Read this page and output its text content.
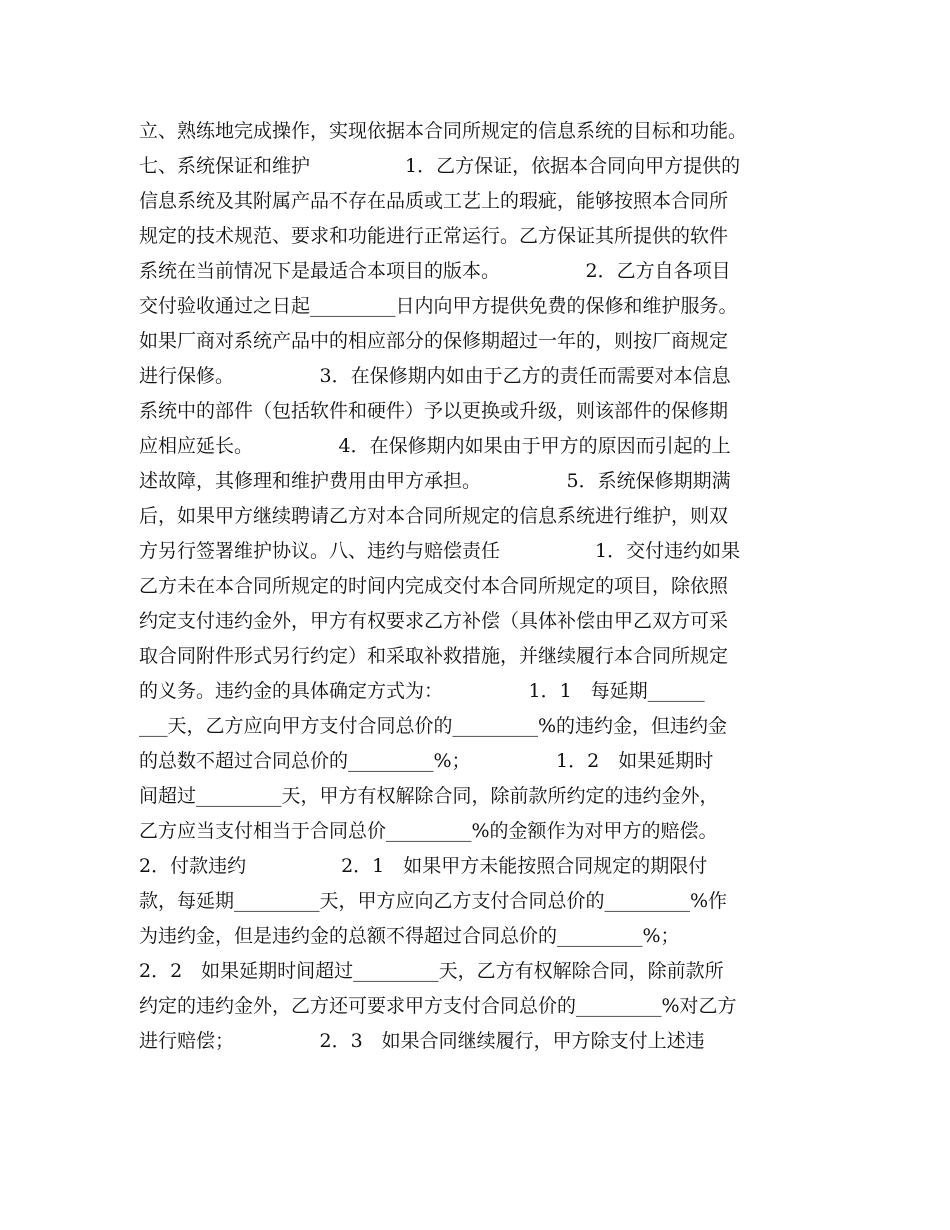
立、熟练地完成操作，实现依据本合同所规定的信息系统的目标和功能。
七、系统保证和维护　　　　　1．乙方保证，依据本合同向甲方提供的
信息系统及其附属产品不存在品质或工艺上的瑕疵，能够按照本合同所
规定的技术规范、要求和功能进行正常运行。乙方保证其所提供的软件
系统在当前情况下是最适合本项目的版本。　　　　　2．乙方自各项目
交付验收通过之日起_________日内向甲方提供免费的保修和维护服务。
如果厂商对系统产品中的相应部分的保修期超过一年的，则按厂商规定
进行保修。　　　　　3．在保修期内如由于乙方的责任而需要对本信息
系统中的部件（包括软件和硬件）予以更换或升级，则该部件的保修期
应相应延长。　　　　　4．在保修期内如果由于甲方的原因而引起的上
述故障，其修理和维护费用由甲方承担。　　　　　5．系统保修期期满
后，如果甲方继续聘请乙方对本合同所规定的信息系统进行维护，则双
方另行签署维护协议。八、违约与赔偿责任　　　　　1．交付违约如果
乙方未在本合同所规定的时间内完成交付本合同所规定的项目，除依照
约定支付违约金外，甲方有权要求乙方补偿（具体补偿由甲乙双方可采
取合同附件形式另行约定）和采取补救措施，并继续履行本合同所规定
的义务。违约金的具体确定方式为：　　　　　1．1　每延期______
___天，乙方应向甲方支付合同总价的_________%的违约金，但违约金
的总数不超过合同总价的_________%；　　　　　1．2　如果延期时
间超过_________天，甲方有权解除合同，除前款所约定的违约金外，
乙方应当支付相当于合同总价_________%的金额作为对甲方的赔偿。
2．付款违约　　　　　2．1　如果甲方未能按照合同规定的期限付
款，每延期_________天，甲方应向乙方支付合同总价的_________%作
为违约金，但是违约金的总额不得超过合同总价的_________%；
2．2　如果延期时间超过_________天，乙方有权解除合同，除前款所
约定的违约金外，乙方还可要求甲方支付合同总价的_________%对乙方
进行赔偿；　　　　　2．3　如果合同继续履行，甲方除支付上述违
